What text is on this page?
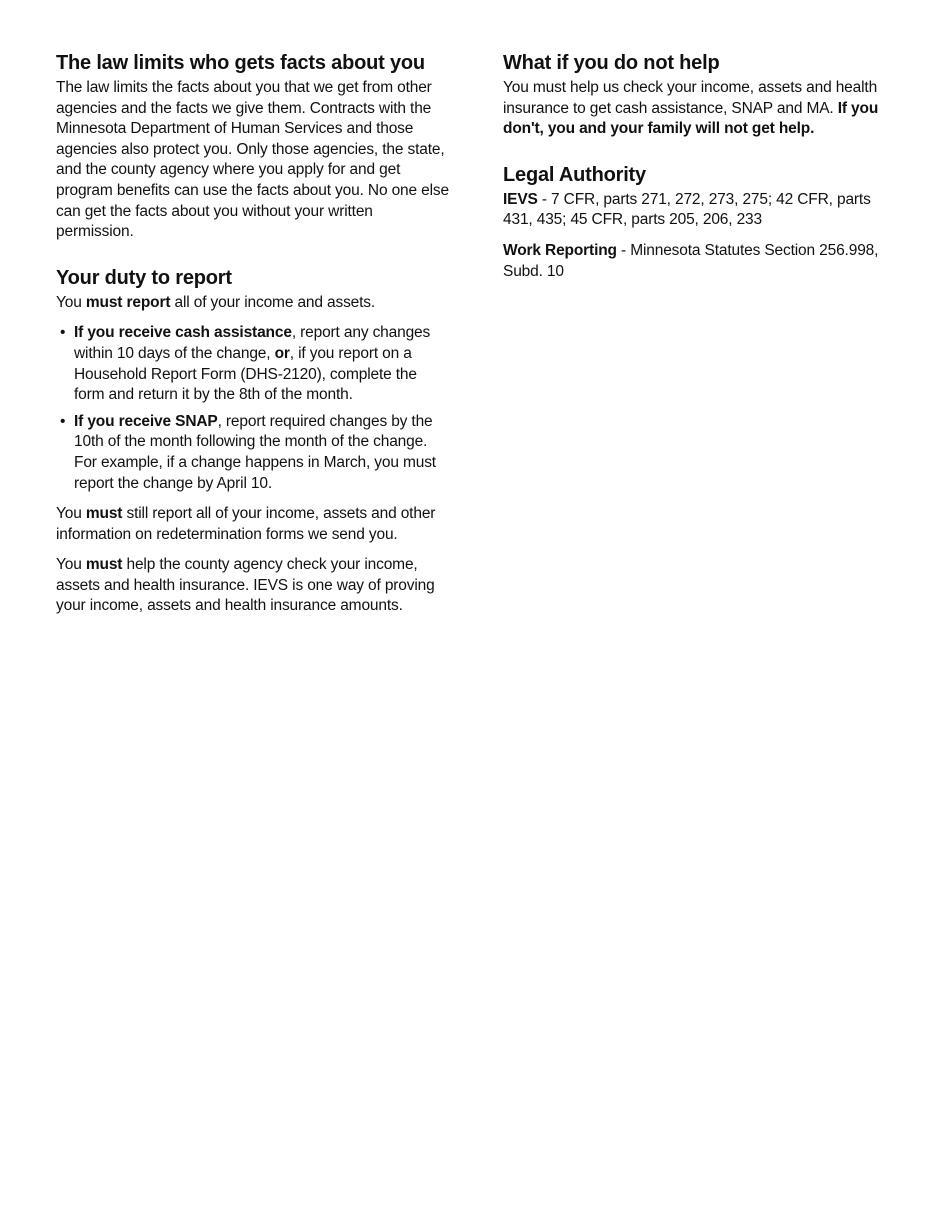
The law limits who gets facts about you

The law limits the facts about you that we get from other agencies and the facts we give them. Contracts with the Minnesota Department of Human Services and those agencies also protect you. Only those agencies, the state, and the county agency where you apply for and get program benefits can use the facts about you. No one else can get the facts about you without your written permission.

Your duty to report

You must report all of your income and assets.

• If you receive cash assistance, report any changes within 10 days of the change, or, if you report on a Household Report Form (DHS-2120), complete the form and return it by the 8th of the month.
• If you receive SNAP, report required changes by the 10th of the month following the month of the change. For example, if a change happens in March, you must report the change by April 10.

You must still report all of your income, assets and other information on redetermination forms we send you.

You must help the county agency check your income, assets and health insurance. IEVS is one way of proving your income, assets and health insurance amounts.

What if you do not help

You must help us check your income, assets and health insurance to get cash assistance, SNAP and MA. If you don't, you and your family will not get help.

Legal Authority

IEVS - 7 CFR, parts 271, 272, 273, 275; 42 CFR, parts 431, 435; 45 CFR, parts 205, 206, 233

Work Reporting - Minnesota Statutes Section 256.998, Subd. 10
